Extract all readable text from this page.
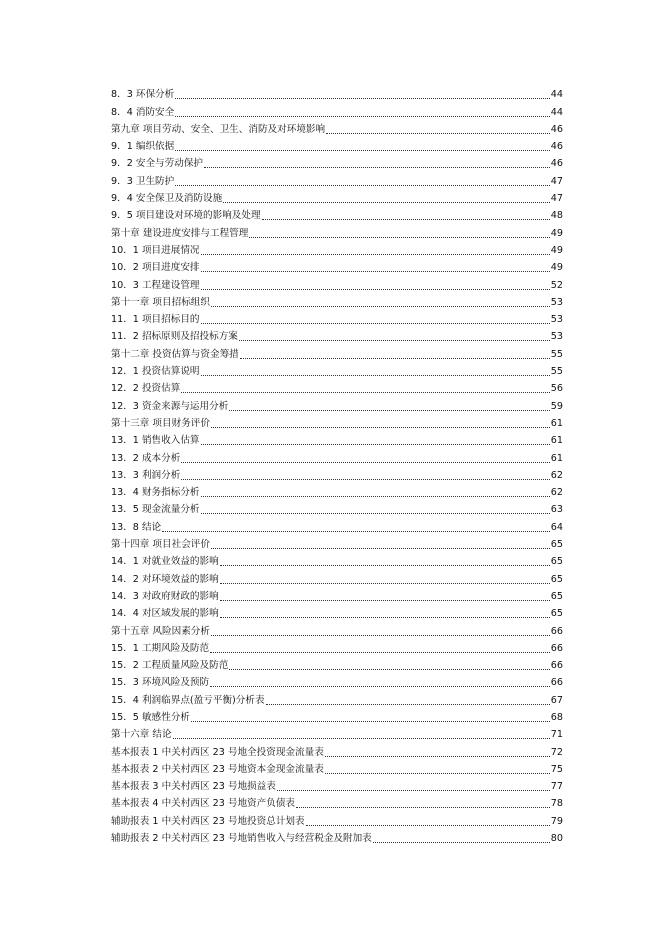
8．3 环保分析	44
8．4 消防安全	44
第九章 项目劳动、安全、卫生、消防及对环境影响	46
9．1 编织依据	46
9．2 安全与劳动保护	46
9．3 卫生防护	47
9．4 安全保卫及消防设施	47
9．5 项目建设对环境的影响及处理	48
第十章 建设进度安排与工程管理	49
10．1 项目进展情况	49
10．2 项目进度安排	49
10．3 工程建设管理	52
第十一章 项目招标组织	53
11．1 项目招标目的	53
11．2 招标原则及招投标方案	53
第十二章 投资估算与资金筹措	55
12．1 投资估算说明	55
12．2 投资估算	56
12．3 资金来源与运用分析	59
第十三章 项目财务评价	61
13．1 销售收入估算	61
13．2 成本分析	61
13．3 利润分析	62
13．4 财务指标分析	62
13．5 现金流量分析	63
13．8 结论	64
第十四章 项目社会评价	65
14．1 对就业效益的影响	65
14．2 对环境效益的影响	65
14．3 对政府财政的影响	65
14．4 对区域发展的影响	65
第十五章 风险因素分析	66
15．1 工期风险及防范	66
15．2 工程质量风险及防范	66
15．3 环境风险及预防	66
15．4 利润临界点(盈亏平衡)分析表	67
15．5 敏感性分析	68
第十六章 结论	71
基本报表 1 中关村西区 23 号地全投资现金流量表	72
基本报表 2 中关村西区 23 号地资本金现金流量表	75
基本报表 3 中关村西区 23 号地损益表	77
基本报表 4 中关村西区 23 号地资产负债表	78
辅助报表 1 中关村西区 23 号地投资总计划表	79
辅助报表 2 中关村西区 23 号地销售收入与经营税金及附加表	80
